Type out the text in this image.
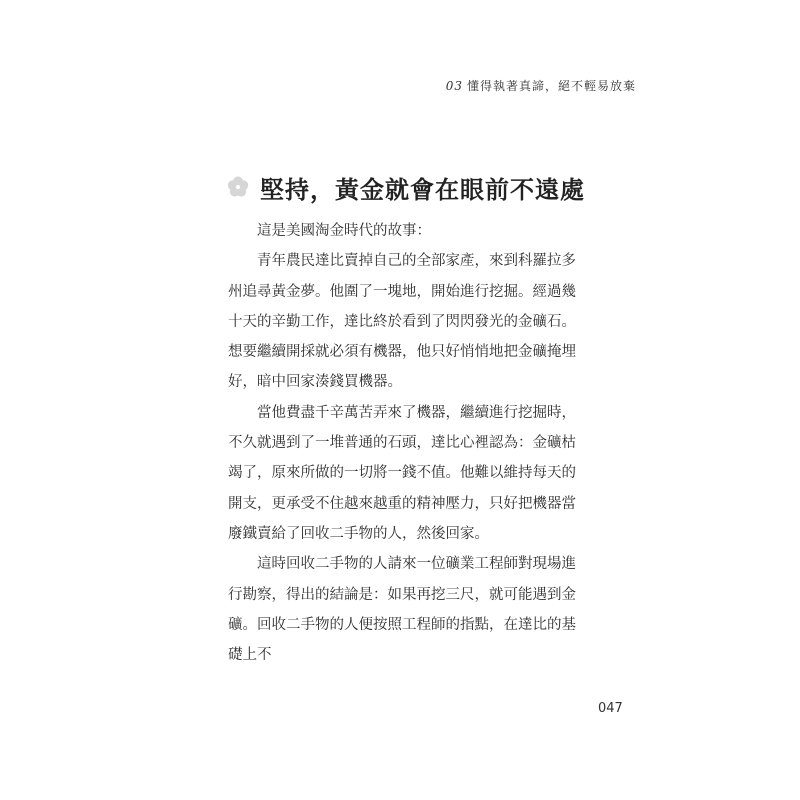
03 懂得執著真諦，絕不輕易放棄
堅持，黃金就會在眼前不遠處

這是美國淘金時代的故事：

青年農民達比賣掉自己的全部家產，來到科羅拉多州追尋黃金夢。他圍了一塊地，開始進行挖掘。經過幾十天的辛勤工作，達比終於看到了閃閃發光的金礦石。想要繼續開採就必須有機器，他只好悄悄地把金礦掩埋好，暗中回家湊錢買機器。

當他費盡千辛萬苦弄來了機器，繼續進行挖掘時，不久就遇到了一堆普通的石頭，達比心裡認為：金礦枯竭了，原來所做的一切將一錢不值。他難以維持每天的開支，更承受不住越來越重的精神壓力，只好把機器當廢鐵賣給了回收二手物的人，然後回家。

這時回收二手物的人請來一位礦業工程師對現場進行勘察，得出的結論是：如果再挖三尺，就可能遇到金礦。回收二手物的人便按照工程師的指點，在達比的基礎上不

047
